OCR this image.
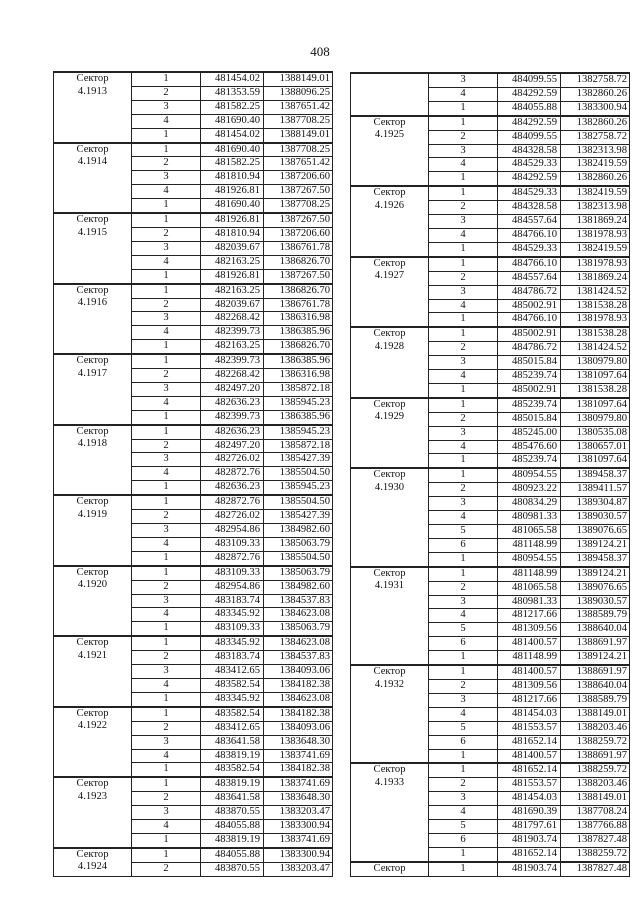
408
Сектор
4.1913	1	481454.02	1388149.01
	2	481353.59	1388096.25
	3	481582.25	1387651.42
	4	481690.40	1387708.25
	1	481454.02	1388149.01

Сектор
4.1914	1	481690.40	1387708.25
	2	481582.25	1387651.42
	3	481810.94	1387206.60
	4	481926.81	1387267.50
	1	481690.40	1387708.25

Сектор
4.1915	1	481926.81	1387267.50
	2	481810.94	1387206.60
	3	482039.67	1386761.78
	4	482163.25	1386826.70
	1	481926.81	1387267.50

Сектор
4.1916	1	482163.25	1386826.70
	2	482039.67	1386761.78
	3	482268.42	1386316.98
	4	482399.73	1386385.96
	1	482163.25	1386826.70

Сектор
4.1917	1	482399.73	1386385.96
	2	482268.42	1386316.98
	3	482497.20	1385872.18
	4	482636.23	1385945.23
	1	482399.73	1386385.96

Сектор
4.1918	1	482636.23	1385945.23
	2	482497.20	1385872.18
	3	482726.02	1385427.39
	4	482872.76	1385504.50
	1	482636.23	1385945.23

Сектор
4.1919	1	482872.76	1385504.50
	2	482726.02	1385427.39
	3	482954.86	1384982.60
	4	483109.33	1385063.79
	1	482872.76	1385504.50

Сектор
4.1920	1	483109.33	1385063.79
	2	482954.86	1384982.60
	3	483183.74	1384537.83
	4	483345.92	1384623.08
	1	483109.33	1385063.79

Сектор
4.1921	1	483345.92	1384623.08
	2	483183.74	1384537.83
	3	483412.65	1384093.06
	4	483582.54	1384182.38
	1	483345.92	1384623.08

Сектор
4.1922	1	483582.54	1384182.38
	2	483412.65	1384093.06
	3	483641.58	1383648.30
	4	483819.19	1383741.69
	1	483582.54	1384182.38

Сектор
4.1923	1	483819.19	1383741.69
	2	483641.58	1383648.30
	3	483870.55	1383203.47
	4	484055.88	1383300.94
	1	483819.19	1383741.69

Сектор
4.1924	1	484055.88	1383300.94
	2	483870.55	1383203.47
	3	484099.55	1382758.72
	4	484292.59	1382860.26
	1	484055.88	1383300.94

Сектор
4.1925	1	484292.59	1382860.26
	2	484099.55	1382758.72
	3	484328.58	1382313.98
	4	484529.33	1382419.59
	1	484292.59	1382860.26

Сектор
4.1926	1	484529.33	1382419.59
	2	484328.58	1382313.98
	3	484557.64	1381869.24
	4	484766.10	1381978.93
	1	484529.33	1382419.59

Сектор
4.1927	1	484766.10	1381978.93
	2	484557.64	1381869.24
	3	484786.72	1381424.52
	4	485002.91	1381538.28
	1	484766.10	1381978.93

Сектор
4.1928	1	485002.91	1381538.28
	2	484786.72	1381424.52
	3	485015.84	1380979.80
	4	485239.74	1381097.64
	1	485002.91	1381538.28

Сектор
4.1929	1	485239.74	1381097.64
	2	485015.84	1380979.80
	3	485245.00	1380535.08
	4	485476.60	1380657.01
	1	485239.74	1381097.64

Сектор
4.1930	1	480954.55	1389458.37
	2	480923.22	1389411.57
	3	480834.29	1389304.87
	4	480981.33	1389030.57
	5	481065.58	1389076.65
	6	481148.99	1389124.21
	1	480954.55	1389458.37

Сектор
4.1931	1	481148.99	1389124.21
	2	481065.58	1389076.65
	3	480981.33	1389030.57
	4	481217.66	1388589.79
	5	481309.56	1388640.04
	6	481400.57	1388691.97
	1	481148.99	1389124.21

Сектор
4.1932	1	481400.57	1388691.97
	2	481309.56	1388640.04
	3	481217.66	1388589.79
	4	481454.03	1388149.01
	5	481553.57	1388203.46
	6	481652.14	1388259.72
	1	481400.57	1388691.97

Сектор
4.1933	1	481652.14	1388259.72
	2	481553.57	1388203.46
	3	481454.03	1388149.01
	4	481690.39	1387708.24
	5	481797.61	1387766.88
	6	481903.74	1387827.48
	1	481652.14	1388259.72

Сектор	1	481903.74	1387827.48
